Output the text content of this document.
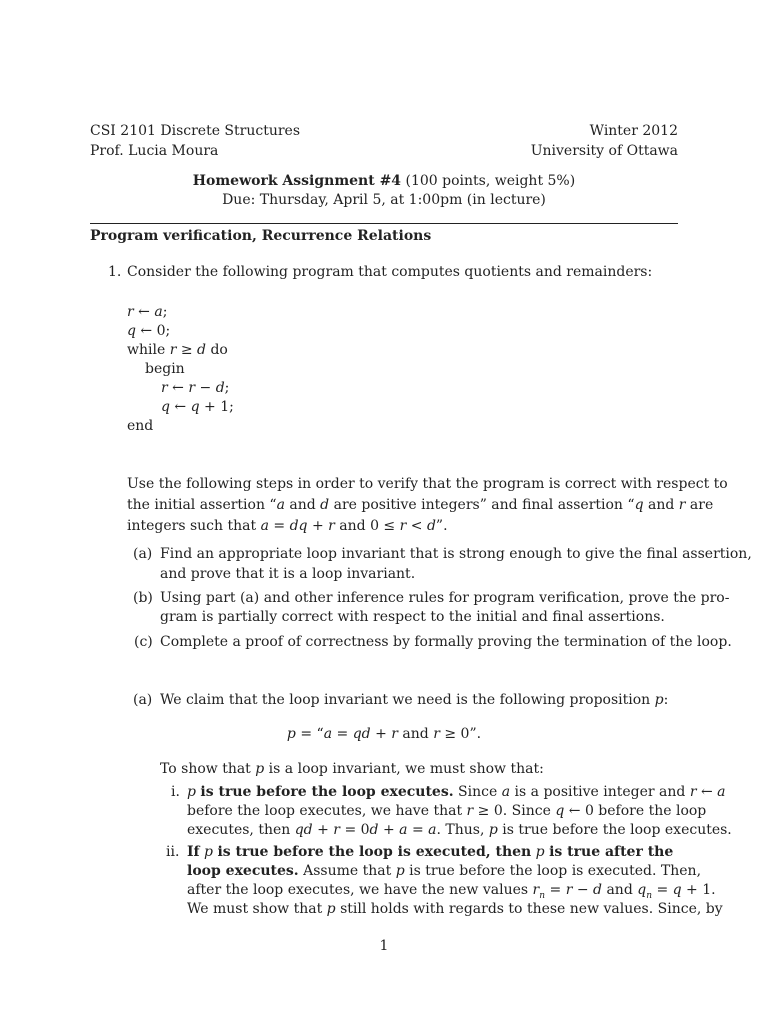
CSI 2101 Discrete Structures
Prof. Lucia Moura
Winter 2012
University of Ottawa
Homework Assignment #4 (100 points, weight 5%)
Due: Thursday, April 5, at 1:00pm (in lecture)
Program verification, Recurrence Relations
1. Consider the following program that computes quotients and remainders:
r ← a;
q ← 0;
while r ≥ d do
begin
r ← r − d;
q ← q + 1;
end
Use the following steps in order to verify that the program is correct with respect to
the initial assertion “a and d are positive integers” and final assertion “q and r are
integers such that a = dq + r and 0 ≤ r < d”.
(a) Find an appropriate loop invariant that is strong enough to give the final assertion,
and prove that it is a loop invariant.
(b) Using part (a) and other inference rules for program verification, prove the pro-
gram is partially correct with respect to the initial and final assertions.
(c) Complete a proof of correctness by formally proving the termination of the loop.
(a) We claim that the loop invariant we need is the following proposition p:
p = “a = qd + r and r ≥ 0”.
To show that p is a loop invariant, we must show that:
i. p is true before the loop executes. Since a is a positive integer and r ← a
before the loop executes, we have that r ≥ 0. Since q ← 0 before the loop
executes, then qd + r = 0d + a = a. Thus, p is true before the loop executes.
ii. If p is true before the loop is executed, then p is true after the
loop executes. Assume that p is true before the loop is executed. Then,
after the loop executes, we have the new values $r_n = r - d$ and $q_n = q + 1$.
We must show that p still holds with regards to these new values. Since, by
1
